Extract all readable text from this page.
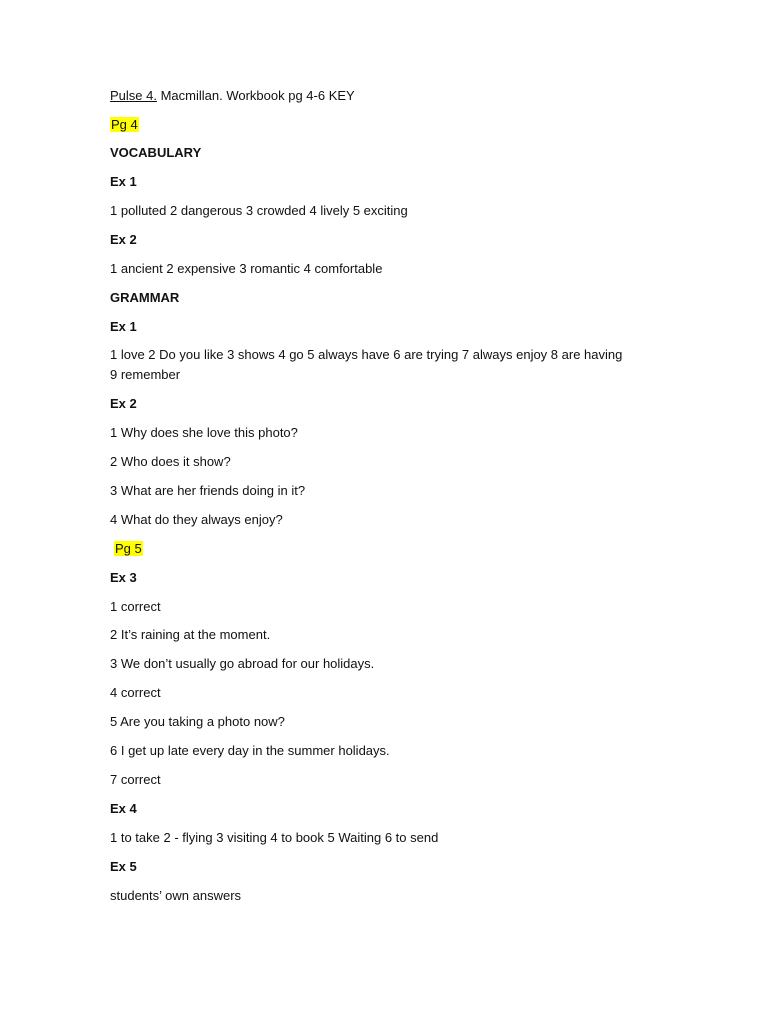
Pulse 4. Macmillan. Workbook pg 4-6 KEY
Pg 4
VOCABULARY
Ex 1
1 polluted 2 dangerous 3 crowded 4 lively 5 exciting
Ex 2
1 ancient 2 expensive 3 romantic 4 comfortable
GRAMMAR
Ex 1
1 love 2 Do you like 3 shows 4 go 5 always have 6 are trying 7 always enjoy 8 are having 9 remember
Ex 2
1 Why does she love this photo?
2 Who does it show?
3 What are her friends doing in it?
4 What do they always enjoy?
Pg 5
Ex 3
1 correct
2 It’s raining at the moment.
3 We don’t usually go abroad for our holidays.
4 correct
5 Are you taking a photo now?
6 I get up late every day in the summer holidays.
7 correct
Ex 4
1 to take 2 - flying 3 visiting 4 to book 5 Waiting 6 to send
Ex 5
students’ own answers
